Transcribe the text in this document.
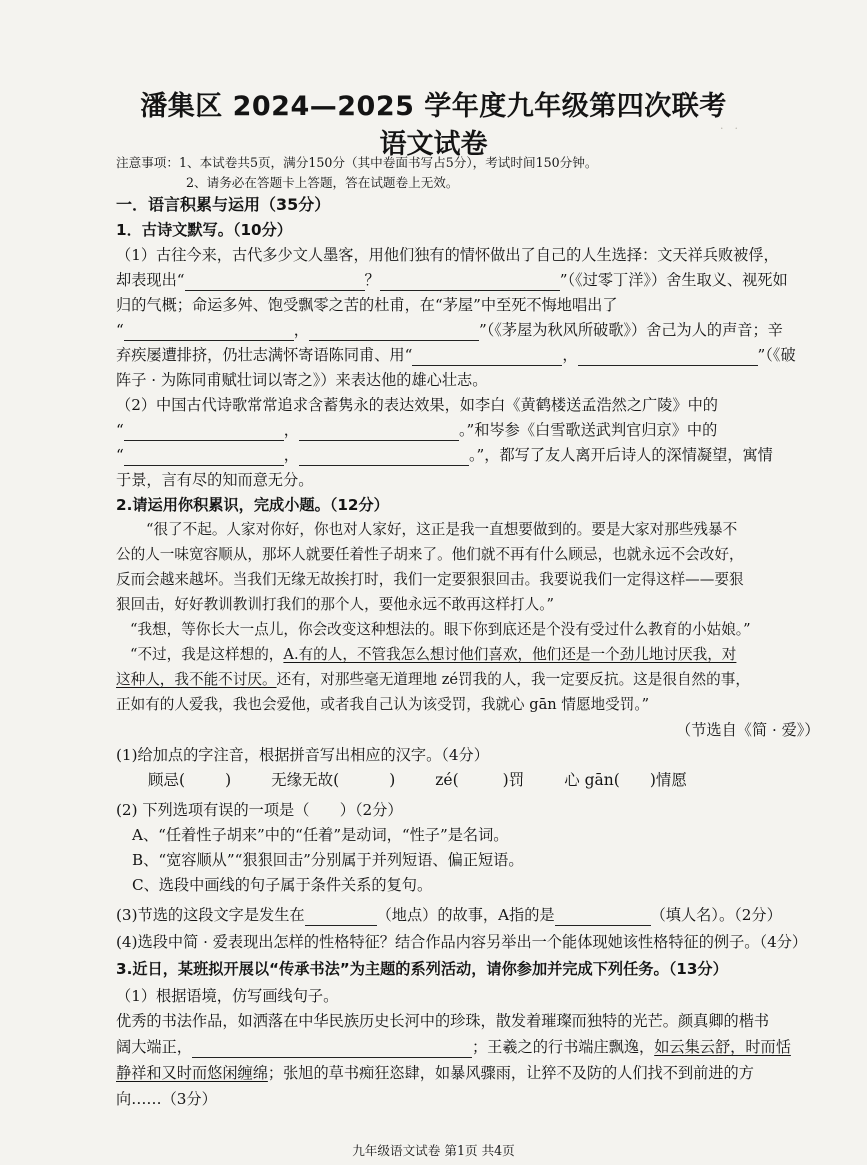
·　·
潘集区 2024—2025 学年度九年级第四次联考
语文试卷
注意事项：1、本试卷共5页，满分150分（其中卷面书写占5分），考试时间150分钟。
2、请务必在答题卡上答题，答在试题卷上无效。
一．语言积累与运用（35分）
1．古诗文默写。（10分）
（1）古往今来，古代多少文人墨客，用他们独有的情怀做出了自己的人生选择：文天祥兵败被俘，
却表现出“	？	”（《过零丁洋》）舍生取义、视死如
归的气概；命运多舛、饱受飘零之苦的杜甫，在“茅屋”中至死不悔地唱出了
“	，	”（《茅屋为秋风所破歌》）舍己为人的声音；辛
弃疾屡遭排挤，仍壮志满怀寄语陈同甫、用“	，	”（《破
阵子 · 为陈同甫赋壮词以寄之》）来表达他的雄心壮志。
（2）中国古代诗歌常常追求含蓄隽永的表达效果，如李白《黄鹤楼送孟浩然之广陵》中的
“	，	。”和岑参《白雪歌送武判官归京》中的
“	，	。”，都写了友人离开后诗人的深情凝望，寓情
于景，言有尽的知而意无分。
2.请运用你积累识，完成小题。（12分）
“很了不起。人家对你好，你也对人家好，这正是我一直想要做到的。要是大家对那些残暴不
公的人一味宽容顺从，那坏人就要任着性子胡来了。他们就不再有什么顾忌，也就永远不会改好，
反而会越来越坏。当我们无缘无故挨打时，我们一定要狠狠回击。我要说我们一定得这样——要狠
狠回击，好好教训教训打我们的那个人，要他永远不敢再这样打人。”
“我想，等你长大一点儿，你会改变这种想法的。眼下你到底还是个没有受过什么教育的小姑娘。”
“不过，我是这样想的，A.有的人，不管我怎么想讨他们喜欢，他们还是一个劲儿地讨厌我，对
这种人，我不能不讨厌。还有，对那些毫无道理地 zé罚我的人，我一定要反抗。这是很自然的事，
正如有的人爱我，我也会爱他，或者我自己认为该受罚，我就心 gān 情愿地受罚。”
（节选自《简 · 爱》）
(1)给加点的字注音，根据拼音写出相应的汉字。（4分）
顾忌(	)	无缘无故(	)	zé(	)罚	心 gān( )情愿
(2) 下列选项有误的一项是（　　）（2分）
A、“任着性子胡来”中的“任着”是动词，“性子”是名词。
B、“宽容顺从”“狠狠回击”分别属于并列短语、偏正短语。
C、选段中画线的句子属于条件关系的复句。
(3)节选的这段文字是发生在	（地点）的故事，A指的是	（填人名）。（2分）
(4)选段中简 · 爱表现出怎样的性格特征？结合作品内容另举出一个能体现她该性格特征的例子。（4分）
3.近日，某班拟开展以“传承书法”为主题的系列活动，请你参加并完成下列任务。（13分）
（1）根据语境，仿写画线句子。
优秀的书法作品，如洒落在中华民族历史长河中的珍珠，散发着璀璨而独特的光芒。颜真卿的楷书
阔大端正，	；王羲之的行书端庄飘逸，如云集云舒，时而恬
静祥和又时而悠闲缠绵；张旭的草书痴狂恣肆，如暴风骤雨，让猝不及防的人们找不到前进的方
向……（3分）
九年级语文试卷 第1页 共4页
